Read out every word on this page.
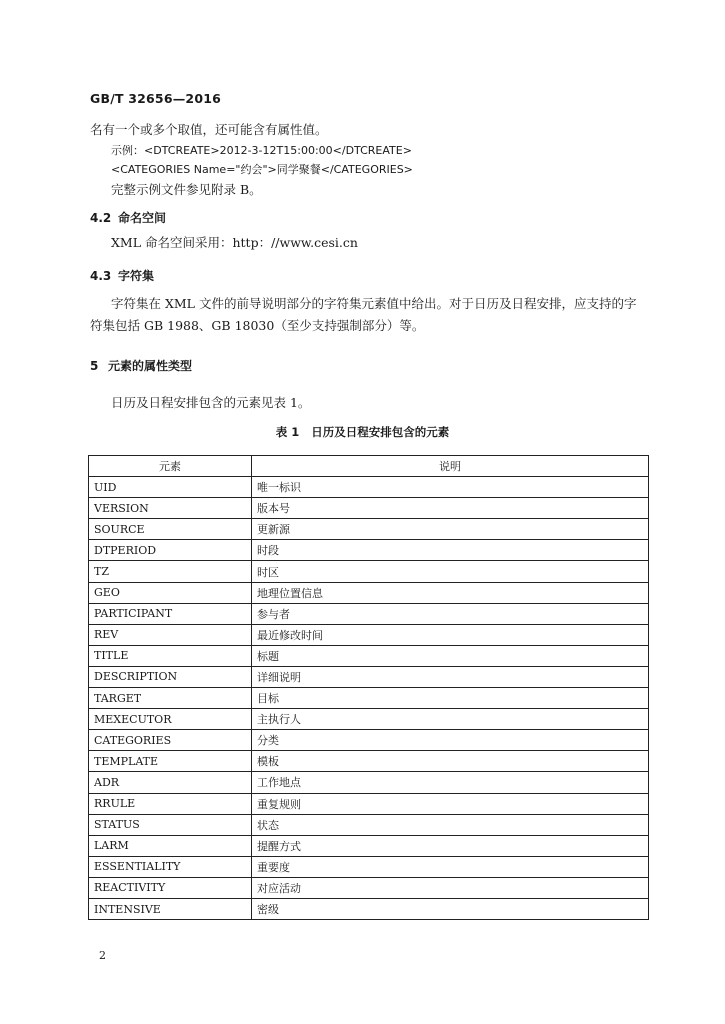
GB/T 32656—2016
名有一个或多个取值，还可能含有属性值。
示例：<DTCREATE>2012-3-12T15:00:00</DTCREATE>
<CATEGORIES Name="约会">同学聚餐</CATEGORIES>
完整示例文件参见附录 B。
4.2 命名空间
XML 命名空间采用：http：//www.cesi.cn
4.3 字符集
字符集在 XML 文件的前导说明部分的字符集元素值中给出。对于日历及日程安排，应支持的字
符集包括 GB 1988、GB 18030（至少支持强制部分）等。
5 元素的属性类型
日历及日程安排包含的元素见表 1。
表 1   日历及日程安排包含的元素
元素	说明
UID	唯一标识
VERSION	版本号
SOURCE	更新源
DTPERIOD	时段
TZ	时区
GEO	地理位置信息
PARTICIPANT	参与者
REV	最近修改时间
TITLE	标题
DESCRIPTION	详细说明
TARGET	目标
MEXECUTOR	主执行人
CATEGORIES	分类
TEMPLATE	模板
ADR	工作地点
RRULE	重复规则
STATUS	状态
LARM	提醒方式
ESSENTIALITY	重要度
REACTIVITY	对应活动
INTENSIVE	密级
2
